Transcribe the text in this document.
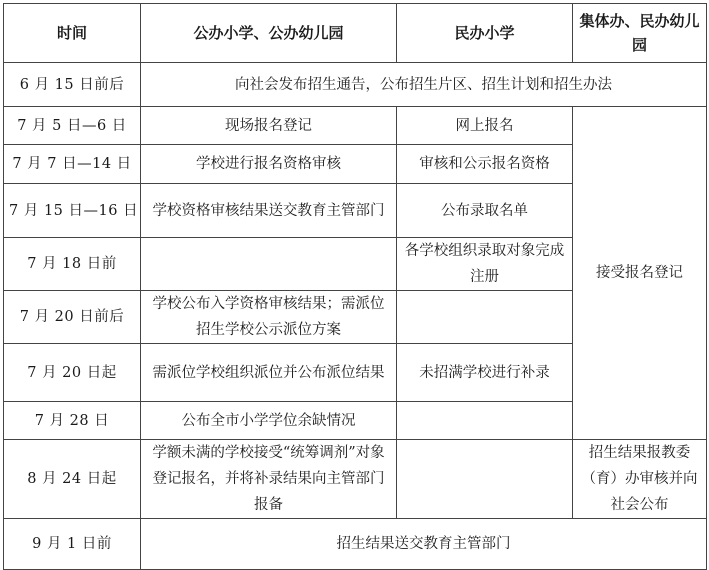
时间	公办小学、公办幼儿园	民办小学	集体办、民办幼儿园
6 月 15 日前后	向社会发布招生通告，公布招生片区、招生计划和招生办法		
7 月 5 日—6 日	现场报名登记	网上报名	接受报名登记
7 月 7 日—14 日	学校进行报名资格审核	审核和公示报名资格	
7 月 15 日—16 日	学校资格审核结果送交教育主管部门	公布录取名单	
7 月 18 日前		各学校组织录取对象完成注册	
7 月 20 日前后	学校公布入学资格审核结果；需派位招生学校公示派位方案		
7 月 20 日起	需派位学校组织派位并公布派位结果	未招满学校进行补录	
7 月 28 日	公布全市小学学位余缺情况		
8 月 24 日起	学额未满的学校接受“统筹调剂”对象登记报名，并将补录结果向主管部门报备		招生结果报教委（育）办审核并向社会公布
9 月 1 日前	招生结果送交教育主管部门		
